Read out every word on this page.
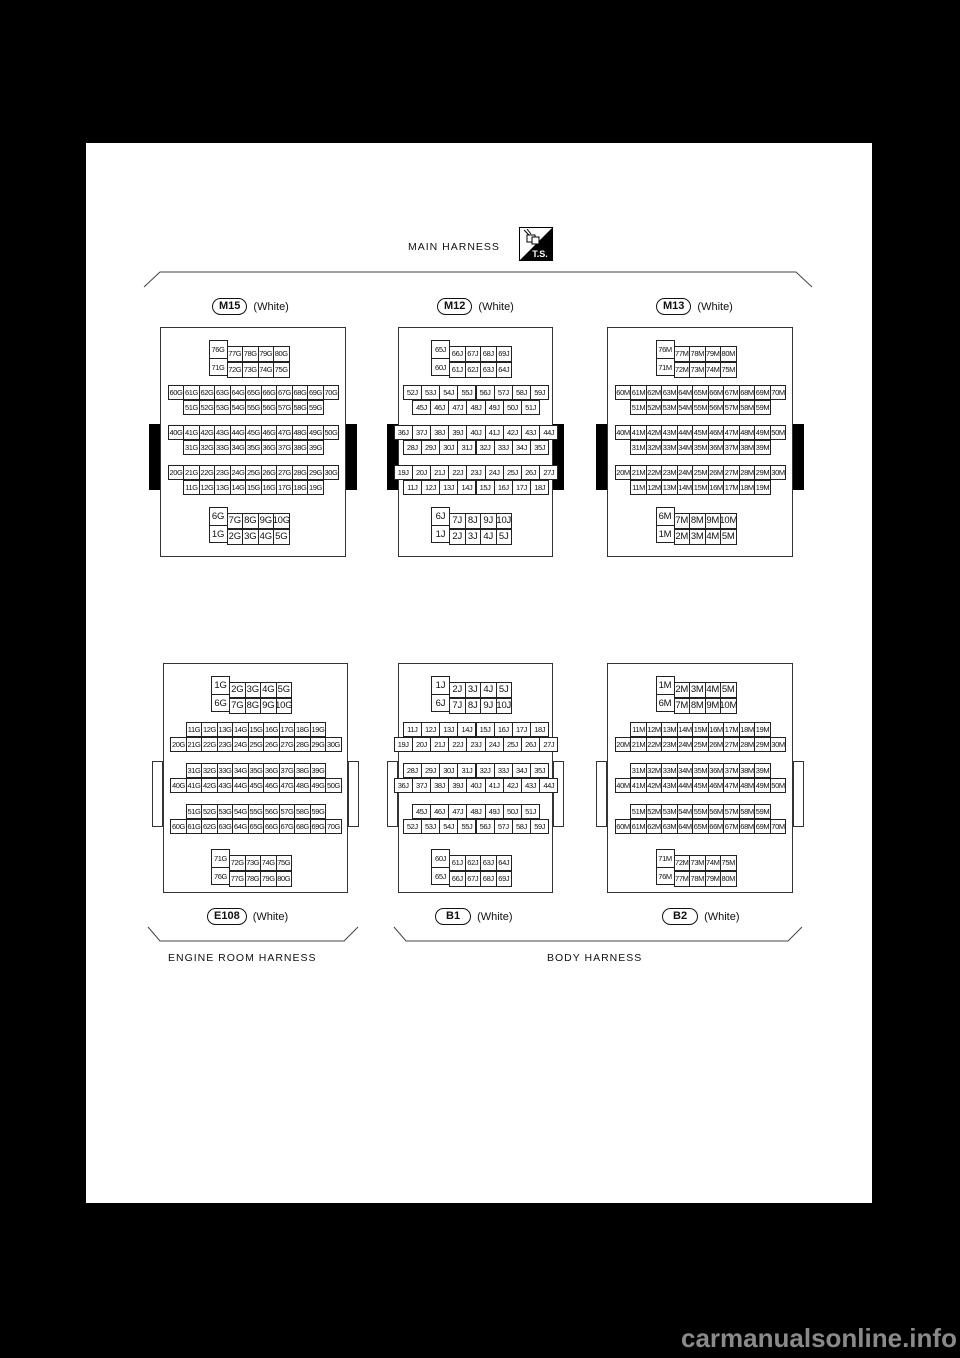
MAIN HARNESS
T.S.
M15	(White)	M12	(White)	M13	(White)
60G 61G 62G 63G 64G 65G 66G 67G 68G 69G 70G
51G 52G 53G 54G 55G 56G 57G 58G 59G
40G 41G 42G 43G 44G 45G 46G 47G 48G 49G 50G
31G 32G 33G 34G 35G 36G 37G 38G 39G
20G 21G 22G 23G 24G 25G 26G 27G 28G 29G 30G
11G 12G 13G 14G 15G 16G 17G 18G 19G
76G
71G
77G 78G 79G 80G
72G 73G 74G 75G
6G
1G
7G 8G 9G 10G
2G 3G 4G 5G
52J 53J 54J 55J 56J 57J 58J 59J
45J 46J 47J 48J 49J 50J 51J
36J 37J 38J 39J 40J 41J 42J 43J 44J
28J 29J 30J 31J 32J 33J 34J 35J
19J 20J 21J 22J 23J 24J 25J 26J 27J
11J	12J 13J 14J 15J 16J 17J 18J
65J
60J
66J 67J 68J 69J
61J 62J 63J 64J
6J
1J
7J 8J 9J 10J
2J 3J 4J 5J
60M 61M 62M 63M 64M 65M 66M 67M 68M 69M 70M
51M 52M 53M 54M 55M 56M 57M 58M 59M
40M 41M 42M 43M 44M 45M 46M 47M 48M 49M 50M
31M 32M 33M 34M 35M 36M 37M 38M 39M
20M 21M 22M 23M 24M 25M 26M 27M 28M 29M 30M
11M 12M 13M 14M 15M 16M 17M 18M 19M
76M
71M
77M 78M 79M 80M
72M 73M 74M 75M
6M
1M
7M 8M 9M 10M
2M 3M 4M 5M
60G 61G 62G 63G 64G 65G 66G 67G 68G 69G 70G
51G 52G 53G 54G 55G 56G 57G 58G 59G
40G 41G 42G 43G 44G 45G 46G 47G 48G 49G 50G
31G 32G 33G 34G 35G 36G 37G 38G 39G
20G 21G 22G 23G 24G 25G 26G 27G 28G 29G 30G
11G 12G 13G 14G 15G 16G 17G 18G 19G
1G
6G
2G 3G 4G 5G
7G 8G 9G 10G
71G
76G
72G 73G 74G 75G
77G 78G 79G 80G
52J 53J 54J 55J 56J 57J 58J 59J
45J 46J 47J 48J 49J 50J 51J
36J 37J 38J 39J 40J 41J 42J 43J 44J
28J 29J 30J 31J 32J 33J 34J 35J
19J 20J 21J 22J 23J 24J 25J 26J 27J
11J	12J 13J 14J 15J 16J 17J 18J
1J
6J
2J 3J 4J 5J
7J 8J 9J 10J
60J
65J
61J 62J 63J 64J
66J 67J 68J 69J
60M 61M 62M 63M 64M 65M 66M 67M 68M 69M 70M
51M 52M 53M 54M 55M 56M 57M 58M 59M
40M 41M 42M 43M 44M 45M 46M 47M 48M 49M 50M
31M 32M 33M 34M 35M 36M 37M 38M 39M
20M 21M 22M 23M 24M 25M 26M 27M 28M 29M 30M
11M 12M 13M 14M 15M 16M 17M 18M 19M
1M
6M
2M 3M 4M 5M
7M 8M 9M 10M
71M
76M
72M 73M 74M 75M
77M 78M 79M 80M
E108	(White)	B1	(White)	B2	(White)
ENGINE ROOM HARNESS	BODY HARNESS
carmanualsonline.info
